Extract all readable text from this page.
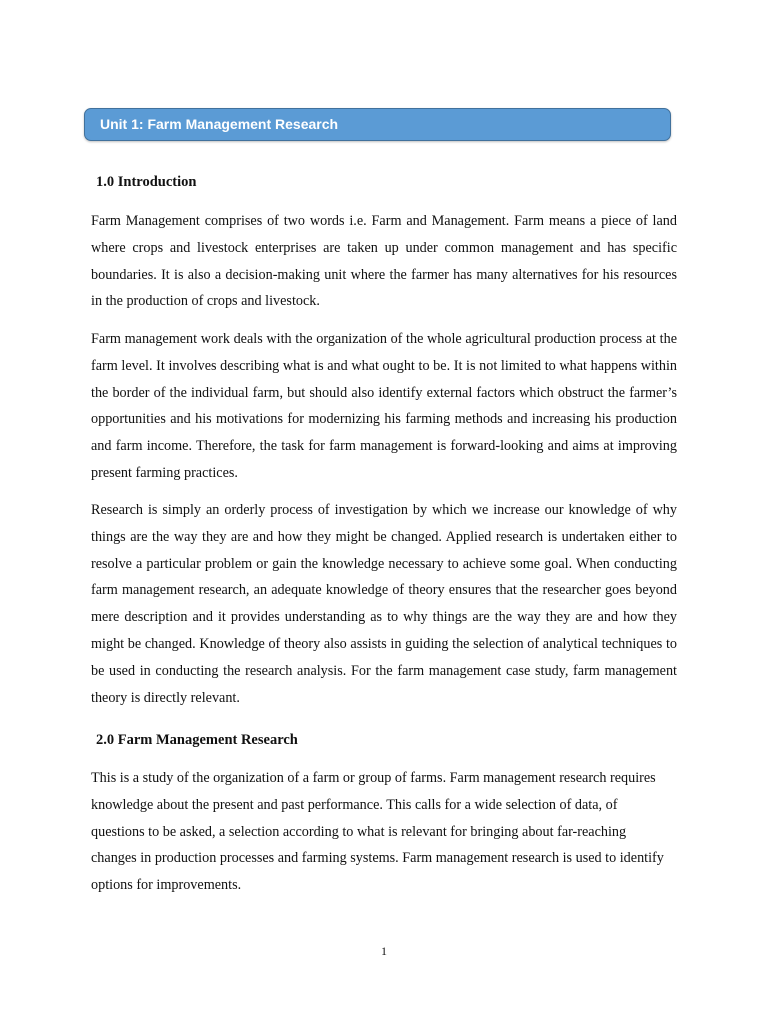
Unit 1: Farm Management Research
1.0 Introduction

Farm Management comprises of two words i.e. Farm and Management. Farm means a piece of land where crops and livestock enterprises are taken up under common management and has specific boundaries. It is also a decision-making unit where the farmer has many alternatives for his resources in the production of crops and livestock.

Farm management work deals with the organization of the whole agricultural production process at the farm level. It involves describing what is and what ought to be. It is not limited to what happens within the border of the individual farm, but should also identify external factors which obstruct the farmer’s opportunities and his motivations for modernizing his farming methods and increasing his production and farm income. Therefore, the task for farm management is forward-looking and aims at improving present farming practices.

Research is simply an orderly process of investigation by which we increase our knowledge of why things are the way they are and how they might be changed. Applied research is undertaken either to resolve a particular problem or gain the knowledge necessary to achieve some goal. When conducting farm management research, an adequate knowledge of theory ensures that the researcher goes beyond mere description and it provides understanding as to why things are the way they are and how they might be changed. Knowledge of theory also assists in guiding the selection of analytical techniques to be used in conducting the research analysis. For the farm management case study, farm management theory is directly relevant.

2.0 Farm Management Research

This is a study of the organization of a farm or group of farms. Farm management research requires knowledge about the present and past performance. This calls for a wide selection of data, of questions to be asked, a selection according to what is relevant for bringing about far-reaching changes in production processes and farming systems. Farm management research is used to identify options for improvements.

1
